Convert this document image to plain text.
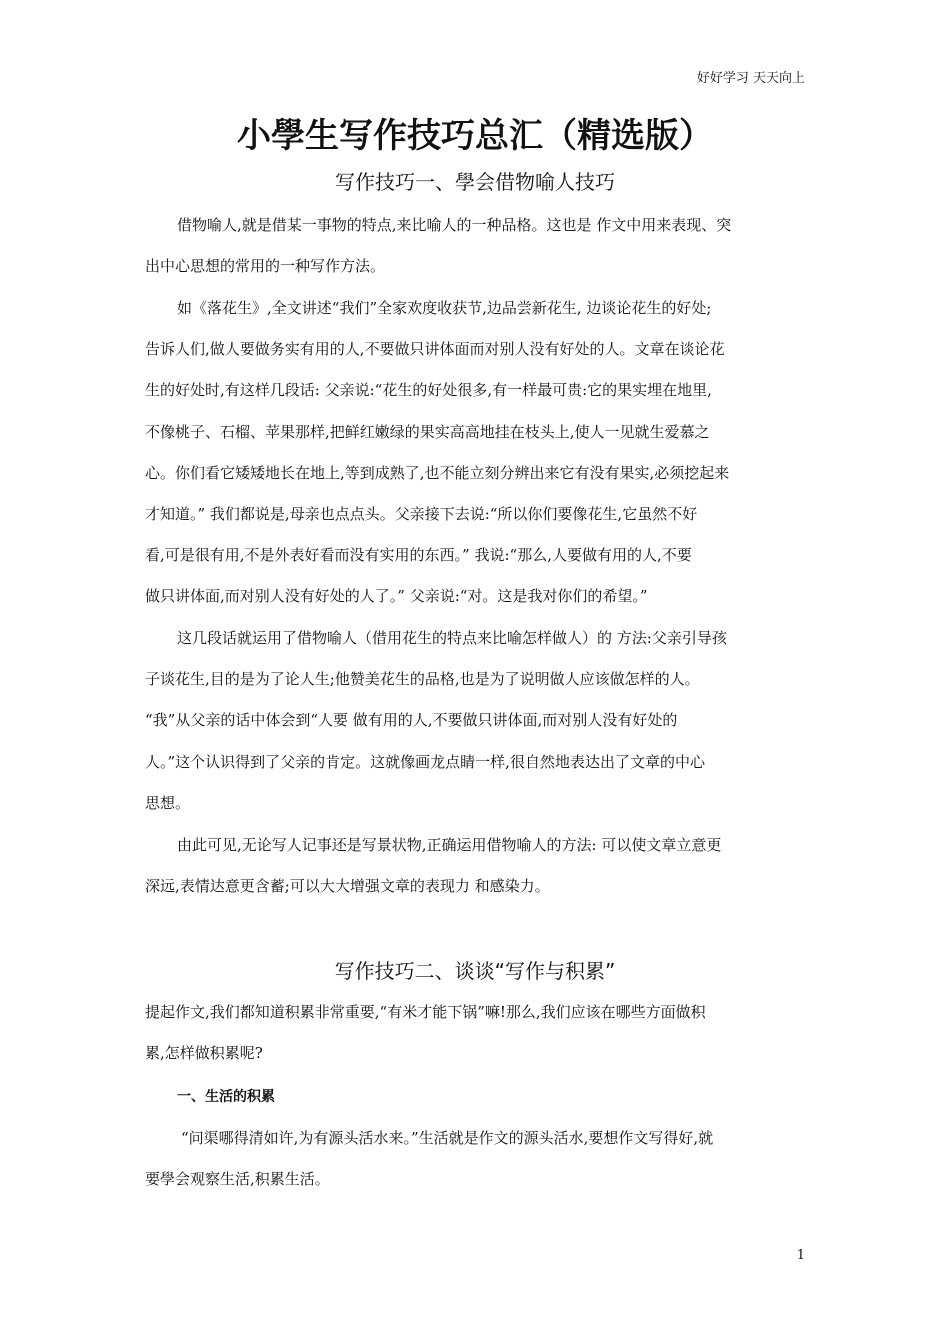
好好学习 天天向上
小學生写作技巧总汇（精选版）
写作技巧一、學会借物喻人技巧
借物喻人,就是借某一事物的特点,来比喻人的一种品格。这也是 作文中用来表现、突
出中心思想的常用的一种写作方法。
如《落花生》,全文讲述“我们”全家欢度收获节,边品尝新花生, 边谈论花生的好处;
告诉人们,做人要做务实有用的人,不要做只讲体面而对别人没有好处的人。文章在谈论花
生的好处时,有这样几段话: 父亲说:“花生的好处很多,有一样最可贵:它的果实埋在地里,
不像桃子、石榴、苹果那样,把鲜红嫩绿的果实高高地挂在枝头上,使人一见就生爱慕之
心。你们看它矮矮地长在地上,等到成熟了,也不能立刻分辨出来它有没有果实,必须挖起来
才知道。” 我们都说是,母亲也点点头。父亲接下去说:“所以你们要像花生,它虽然不好
看,可是很有用,不是外表好看而没有实用的东西。” 我说:“那么,人要做有用的人,不要
做只讲体面,而对别人没有好处的人了。” 父亲说:“对。这是我对你们的希望。”
这几段话就运用了借物喻人（借用花生的特点来比喻怎样做人）的 方法:父亲引导孩
子谈花生,目的是为了论人生;他赞美花生的品格,也是为了说明做人应该做怎样的人。
“我”从父亲的话中体会到“人要 做有用的人,不要做只讲体面,而对别人没有好处的
人。”这个认识得到了父亲的肯定。这就像画龙点睛一样,很自然地表达出了文章的中心
思想。
由此可见,无论写人记事还是写景状物,正确运用借物喻人的方法: 可以使文章立意更
深远,表情达意更含蓄;可以大大增强文章的表现力 和感染力。
写作技巧二、谈谈“写作与积累”
提起作文,我们都知道积累非常重要,“有米才能下锅”嘛!那么,我们应该在哪些方面做积
累,怎样做积累呢?
一、生活的积累
“问渠哪得清如许,为有源头活水来。”生活就是作文的源头活水,要想作文写得好,就
要學会观察生活,积累生活。
1
